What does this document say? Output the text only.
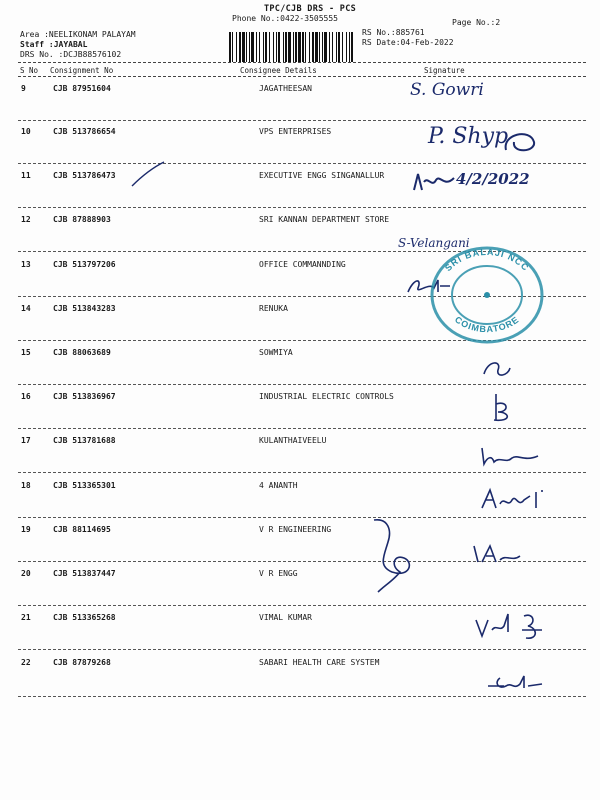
TPC/CJB DRS - PCS
Phone No.:0422-3505555	Page No.:2
RS No.:885761
RS Date:04-Feb-2022
Area :NEELIKONAM PALAYAM
Staff :JAYABAL
DRS No. :DCJB88576102
S No Consignment No	Consignee Details	Signature
9	CJB 87951604	JAGATHEESAN
10	CJB 513786654	VPS ENTERPRISES
11	CJB 513786473	EXECUTIVE ENGG SINGANALLUR
12	CJB 87888903	SRI KANNAN DEPARTMENT STORE
13	CJB 513797206	OFFICE COMMANNDING
14	CJB 513843283	RENUKA
15	CJB 88063689	SOWMIYA
16	CJB 513836967	INDUSTRIAL ELECTRIC CONTROLS
17	CJB 513781688	KULANTHAIVEELU
18	CJB 513365301	4 ANANTH
19	CJB 88114695	V R ENGINEERING
20	CJB 513837447	V R ENGG
21	CJB 513365268	VIMAL KUMAR
22	CJB 87879268	SABARI HEALTH CARE SYSTEM
S. Gowri
P. Shyp
4/2/2022
S-Velangani
SRI BALAJI NCC
COIMBATORE
